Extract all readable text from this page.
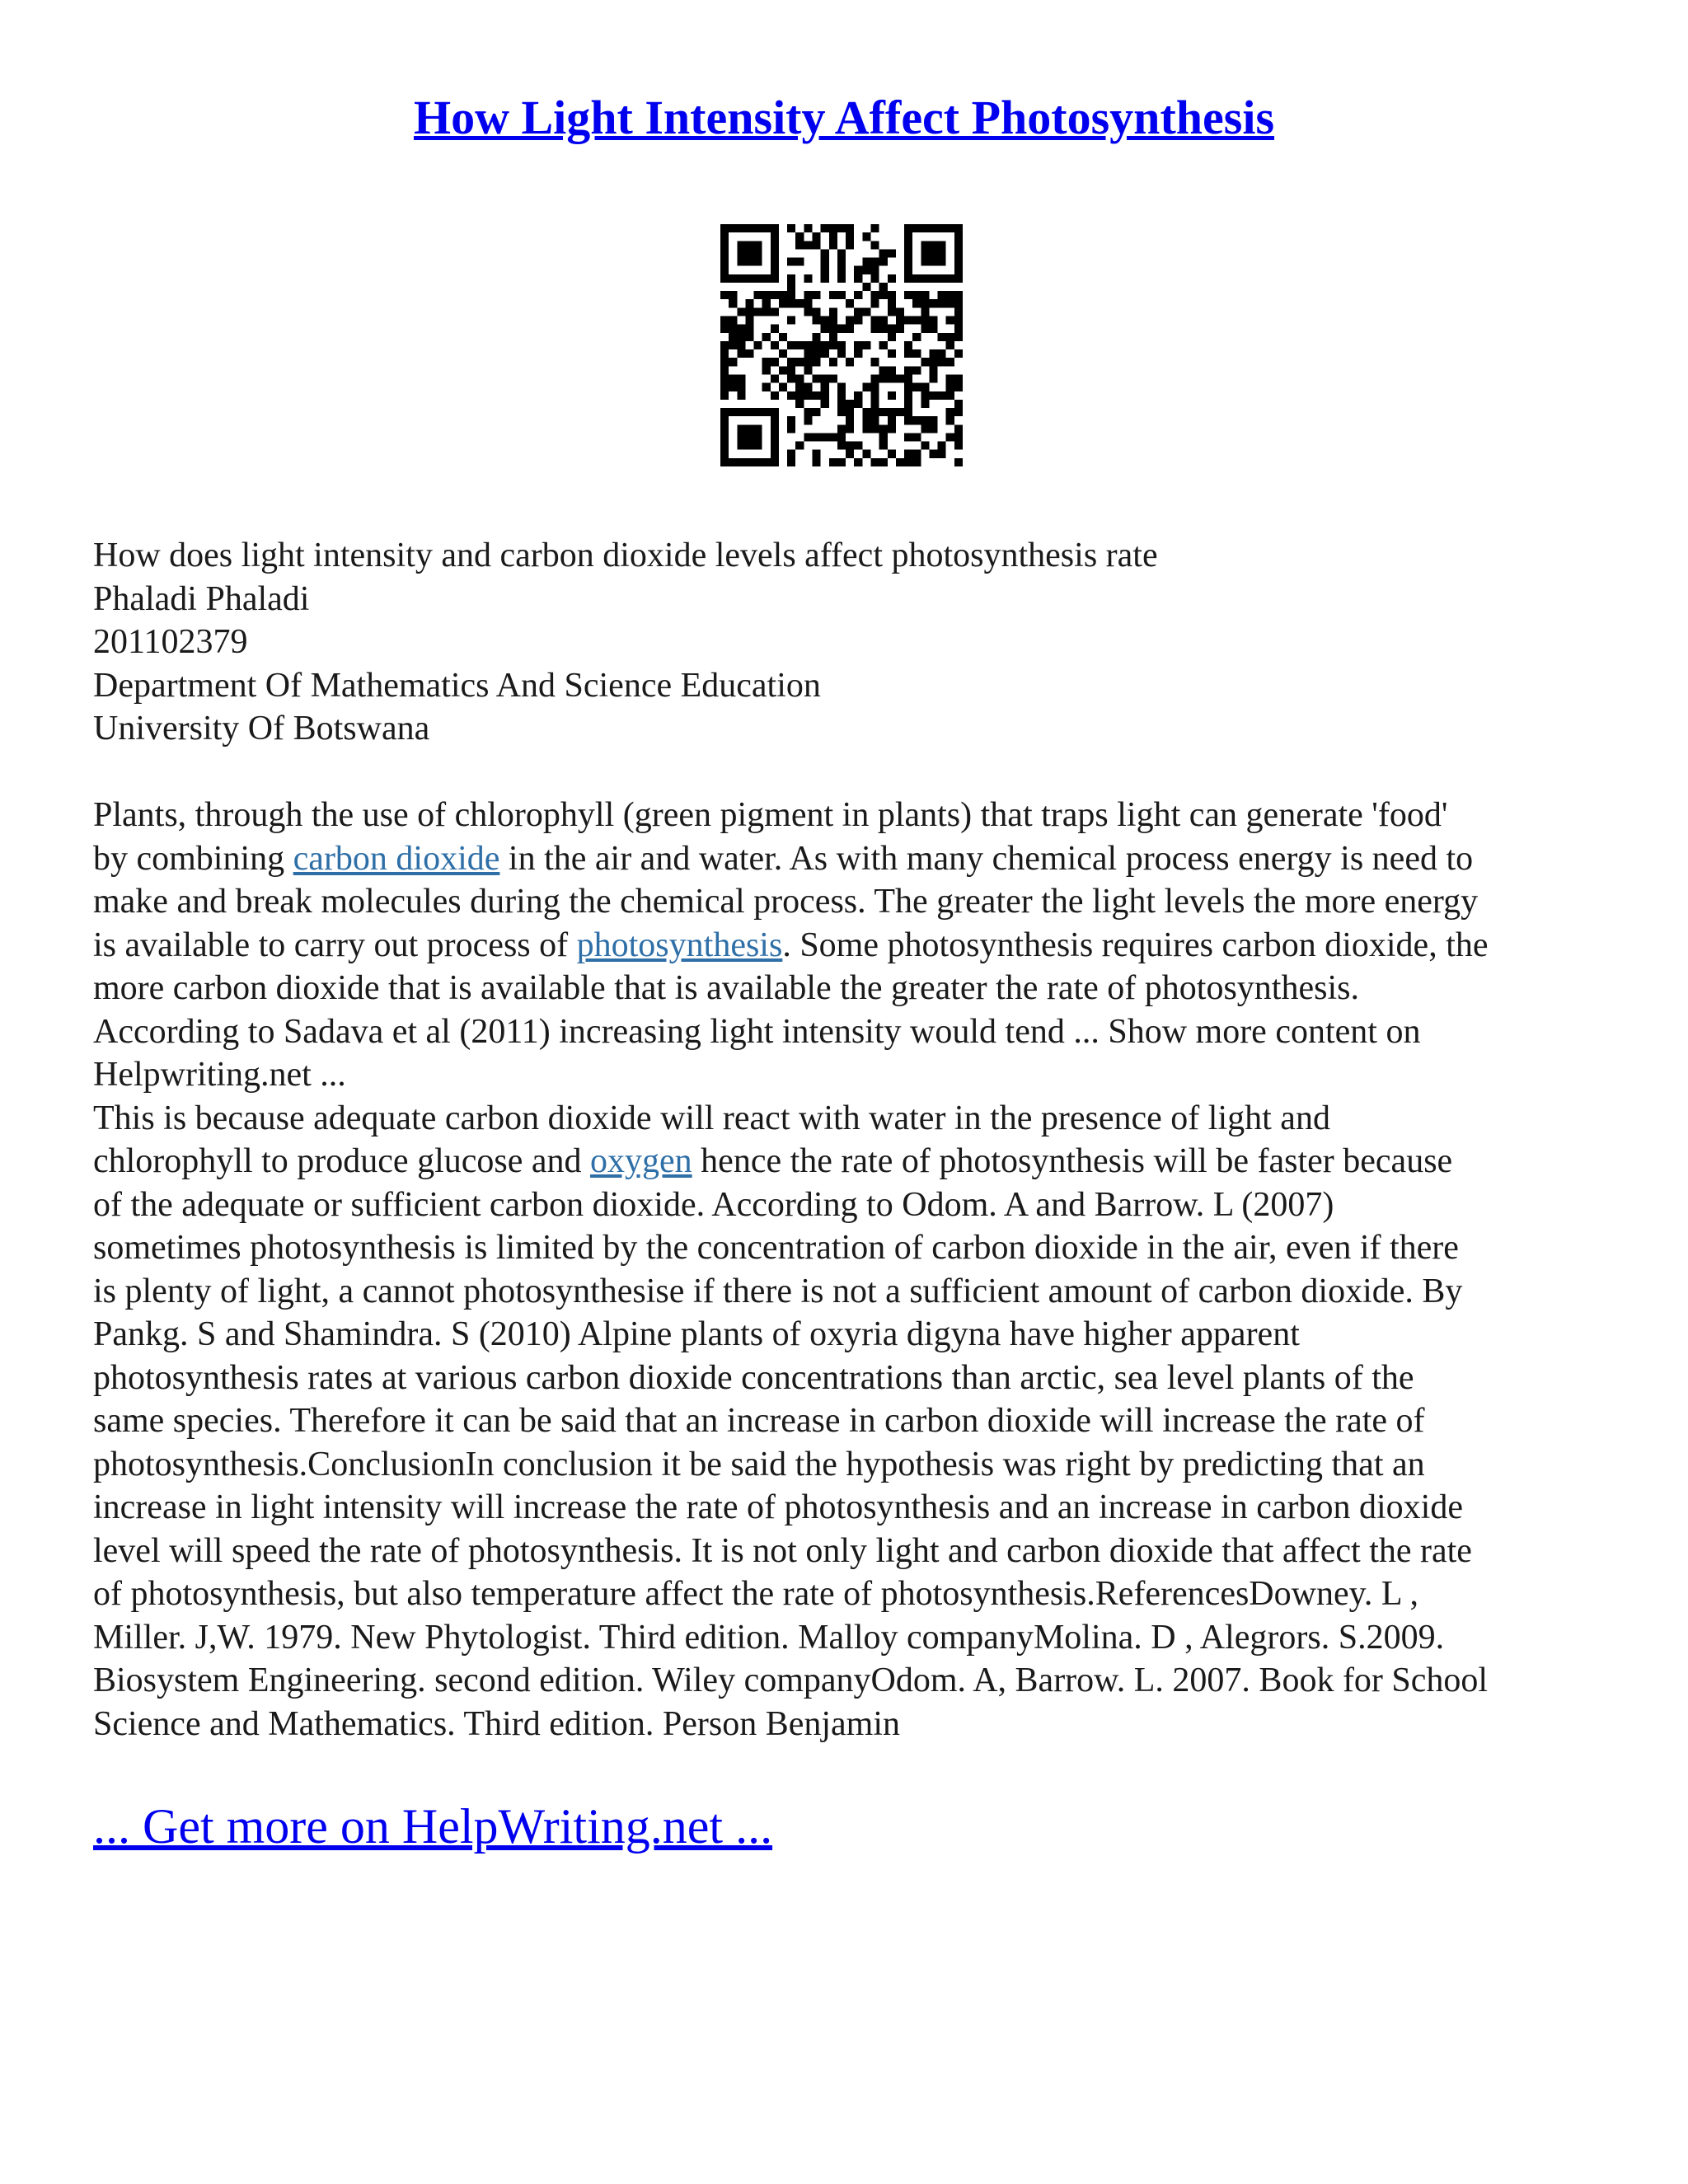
How Light Intensity Affect Photosynthesis
How does light intensity and carbon dioxide levels affect photosynthesis rate
Phaladi Phaladi
201102379
Department Of Mathematics And Science Education
University Of Botswana
Plants, through the use of chlorophyll (green pigment in plants) that traps light can generate 'food'
by combining carbon dioxide in the air and water. As with many chemical process energy is need to
make and break molecules during the chemical process. The greater the light levels the more energy
is available to carry out process of photosynthesis. Some photosynthesis requires carbon dioxide, the
more carbon dioxide that is available that is available the greater the rate of photosynthesis.
According to Sadava et al (2011) increasing light intensity would tend ... Show more content on
Helpwriting.net ...
This is because adequate carbon dioxide will react with water in the presence of light and
chlorophyll to produce glucose and oxygen hence the rate of photosynthesis will be faster because
of the adequate or sufficient carbon dioxide. According to Odom. A and Barrow. L (2007)
sometimes photosynthesis is limited by the concentration of carbon dioxide in the air, even if there
is plenty of light, a cannot photosynthesise if there is not a sufficient amount of carbon dioxide. By
Pankg. S and Shamindra. S (2010) Alpine plants of oxyria digyna have higher apparent
photosynthesis rates at various carbon dioxide concentrations than arctic, sea level plants of the
same species. Therefore it can be said that an increase in carbon dioxide will increase the rate of
photosynthesis.ConclusionIn conclusion it be said the hypothesis was right by predicting that an
increase in light intensity will increase the rate of photosynthesis and an increase in carbon dioxide
level will speed the rate of photosynthesis. It is not only light and carbon dioxide that affect the rate
of photosynthesis, but also temperature affect the rate of photosynthesis.ReferencesDowney. L ,
Miller. J,W. 1979. New Phytologist. Third edition. Malloy companyMolina. D , Alegrors. S.2009.
Biosystem Engineering. second edition. Wiley companyOdom. A, Barrow. L. 2007. Book for School
Science and Mathematics. Third edition. Person Benjamin
... Get more on HelpWriting.net ...
